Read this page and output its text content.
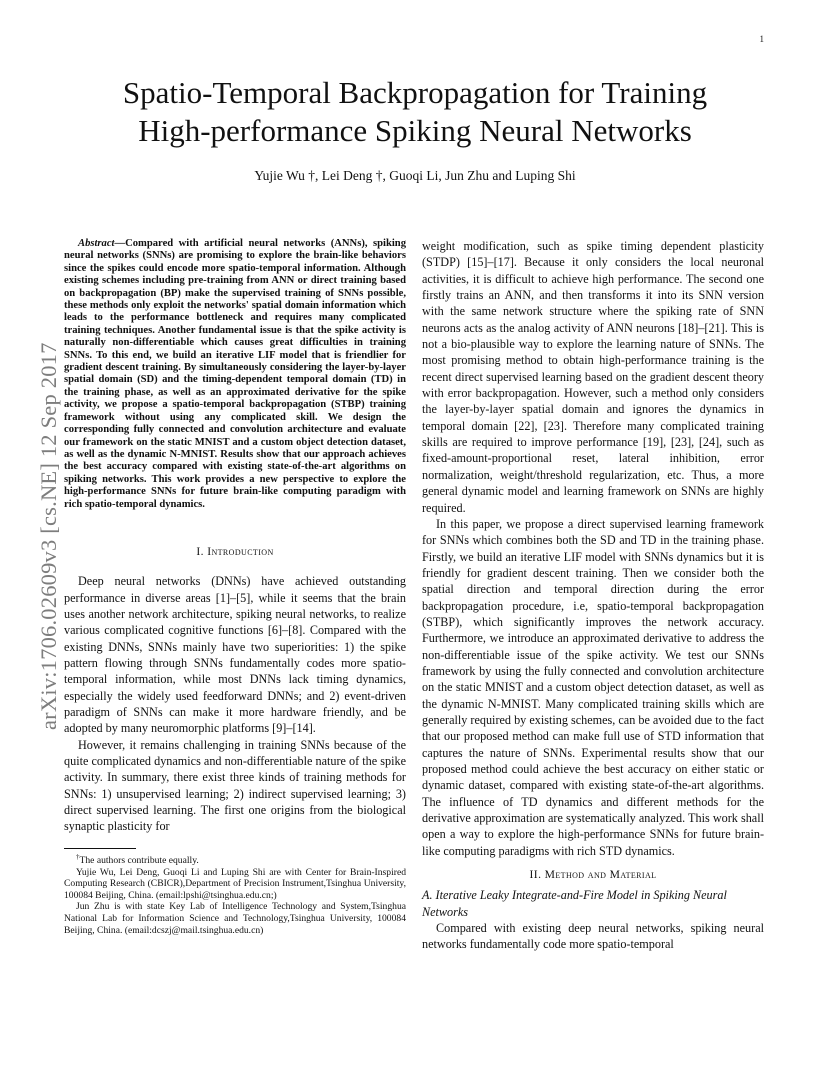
1
arXiv:1706.02609v3 [cs.NE] 12 Sep 2017
Spatio-Temporal Backpropagation for Training
High-performance Spiking Neural Networks
Yujie Wu †, Lei Deng †, Guoqi Li, Jun Zhu and Luping Shi

Abstract—Compared with artificial neural networks (ANNs), spiking neural networks (SNNs) are promising to explore the brain-like behaviors since the spikes could encode more spatio-temporal information. Although existing schemes including pre-training from ANN or direct training based on backpropagation (BP) make the supervised training of SNNs possible, these methods only exploit the networks' spatial domain information which leads to the performance bottleneck and requires many complicated training techniques. Another fundamental issue is that the spike activity is naturally non-differentiable which causes great difficulties in training SNNs. To this end, we build an iterative LIF model that is friendlier for gradient descent training. By simultaneously considering the layer-by-layer spatial domain (SD) and the timing-dependent temporal domain (TD) in the training phase, as well as an approximated derivative for the spike activity, we propose a spatio-temporal backpropagation (STBP) training framework without using any complicated skill. We design the corresponding fully connected and convolution architecture and evaluate our framework on the static MNIST and a custom object detection dataset, as well as the dynamic N-MNIST. Results show that our approach achieves the best accuracy compared with existing state-of-the-art algorithms on spiking networks. This work provides a new perspective to explore the high-performance SNNs for future brain-like computing paradigm with rich spatio-temporal dynamics.

I. Introduction

Deep neural networks (DNNs) have achieved outstanding performance in diverse areas [1]–[5], while it seems that the brain uses another network architecture, spiking neural networks, to realize various complicated cognitive functions [6]–[8]. Compared with the existing DNNs, SNNs mainly have two superiorities: 1) the spike pattern flowing through SNNs fundamentally codes more spatio-temporal information, while most DNNs lack timing dynamics, especially the widely used feedforward DNNs; and 2) event-driven paradigm of SNNs can make it more hardware friendly, and be adopted by many neuromorphic platforms [9]–[14].

However, it remains challenging in training SNNs because of the quite complicated dynamics and non-differentiable nature of the spike activity. In summary, there exist three kinds of training methods for SNNs: 1) unsupervised learning; 2) indirect supervised learning; 3) direct supervised learning. The first one origins from the biological synaptic plasticity for

†The authors contribute equally.

Yujie Wu, Lei Deng, Guoqi Li and Luping Shi are with Center for Brain-Inspired Computing Research (CBICR),Department of Precision Instrument,Tsinghua University, 100084 Beijing, China. (email:lpshi@tsinghua.edu.cn;)

Jun Zhu is with state Key Lab of Intelligence Technology and System,Tsinghua National Lab for Information Science and Technology,Tsinghua University, 100084 Beijing, China. (email:dcszj@mail.tsinghua.edu.cn)

weight modification, such as spike timing dependent plasticity (STDP) [15]–[17]. Because it only considers the local neuronal activities, it is difficult to achieve high performance. The second one firstly trains an ANN, and then transforms it into its SNN version with the same network structure where the spiking rate of SNN neurons acts as the analog activity of ANN neurons [18]–[21]. This is not a bio-plausible way to explore the learning nature of SNNs. The most promising method to obtain high-performance training is the recent direct supervised learning based on the gradient descent theory with error backpropagation. However, such a method only considers the layer-by-layer spatial domain and ignores the dynamics in temporal domain [22], [23]. Therefore many complicated training skills are required to improve performance [19], [23], [24], such as fixed-amount-proportional reset, lateral inhibition, error normalization, weight/threshold regularization, etc. Thus, a more general dynamic model and learning framework on SNNs are highly required.

In this paper, we propose a direct supervised learning framework for SNNs which combines both the SD and TD in the training phase. Firstly, we build an iterative LIF model with SNNs dynamics but it is friendly for gradient descent training. Then we consider both the spatial direction and temporal direction during the error backpropagation procedure, i.e, spatio-temporal backpropagation (STBP), which significantly improves the network accuracy. Furthermore, we introduce an approximated derivative to address the non-differentiable issue of the spike activity. We test our SNNs framework by using the fully connected and convolution architecture on the static MNIST and a custom object detection dataset, as well as the dynamic N-MNIST. Many complicated training skills which are generally required by existing schemes, can be avoided due to the fact that our proposed method can make full use of STD information that captures the nature of SNNs. Experimental results show that our proposed method could achieve the best accuracy on either static or dynamic dataset, compared with existing state-of-the-art algorithms. The influence of TD dynamics and different methods for the derivative approximation are systematically analyzed. This work shall open a way to explore the high-performance SNNs for future brain-like computing paradigms with rich STD dynamics.

II. Method and Material

A. Iterative Leaky Integrate-and-Fire Model in Spiking Neural Networks

Compared with existing deep neural networks, spiking neural networks fundamentally code more spatio-temporal
